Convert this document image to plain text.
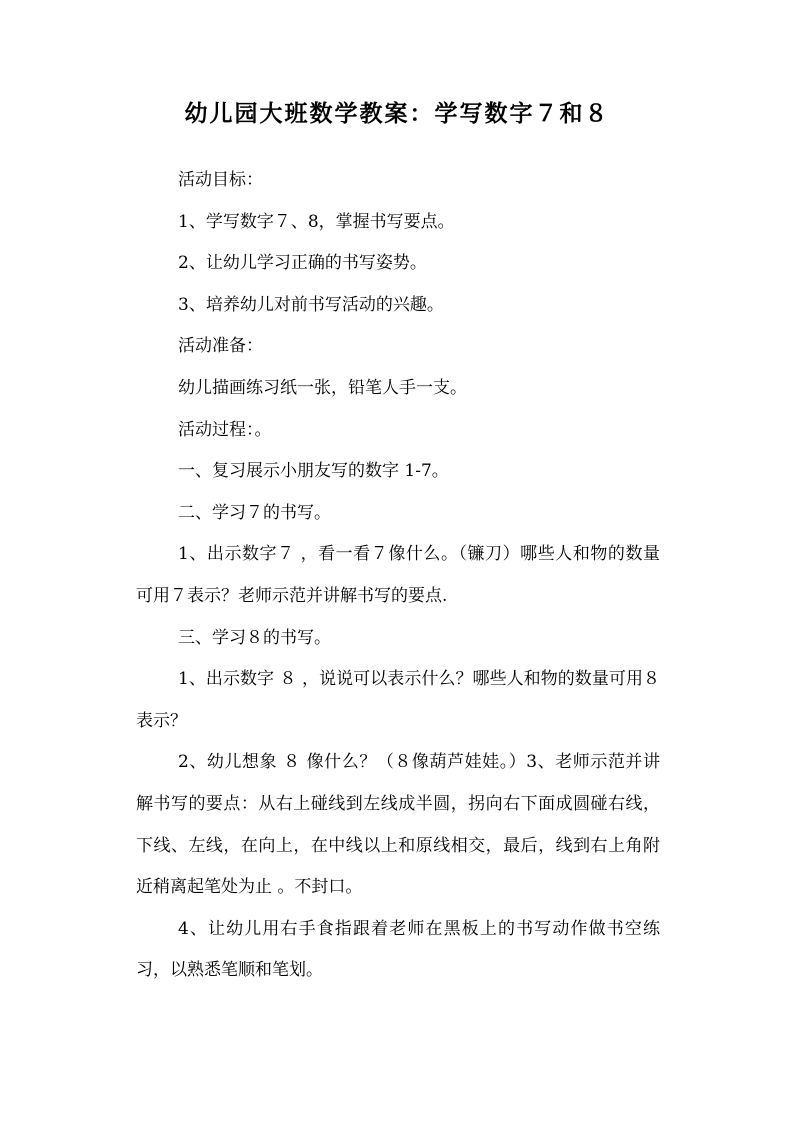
幼儿园大班数学教案：学写数字７和８

活动目标：

1、学写数字７、8，掌握书写要点。

2、让幼儿学习正确的书写姿势。

3、培养幼儿对前书写活动的兴趣。

活动准备：

幼儿描画练习纸一张，铅笔人手一支。

活动过程：。

一、复习展示小朋友写的数字 1-7。

二、学习７的书写。

1、出示数字７ ，看一看７像什么。（镰刀）哪些人和物的数量可用７表示？老师示范并讲解书写的要点.

三、学习８的书写。

1、出示数字 ８ ，说说可以表示什么？哪些人和物的数量可用８表示？

2、幼儿想象 ８ 像什么？（８像葫芦娃娃。）3、老师示范并讲解书写的要点：从右上碰线到左线成半圆，拐向右下面成圆碰右线，下线、左线，在向上，在中线以上和原线相交，最后，线到右上角附近稍离起笔处为止 。不封口。

4、让幼儿用右手食指跟着老师在黑板上的书写动作做书空练习，以熟悉笔顺和笔划。
